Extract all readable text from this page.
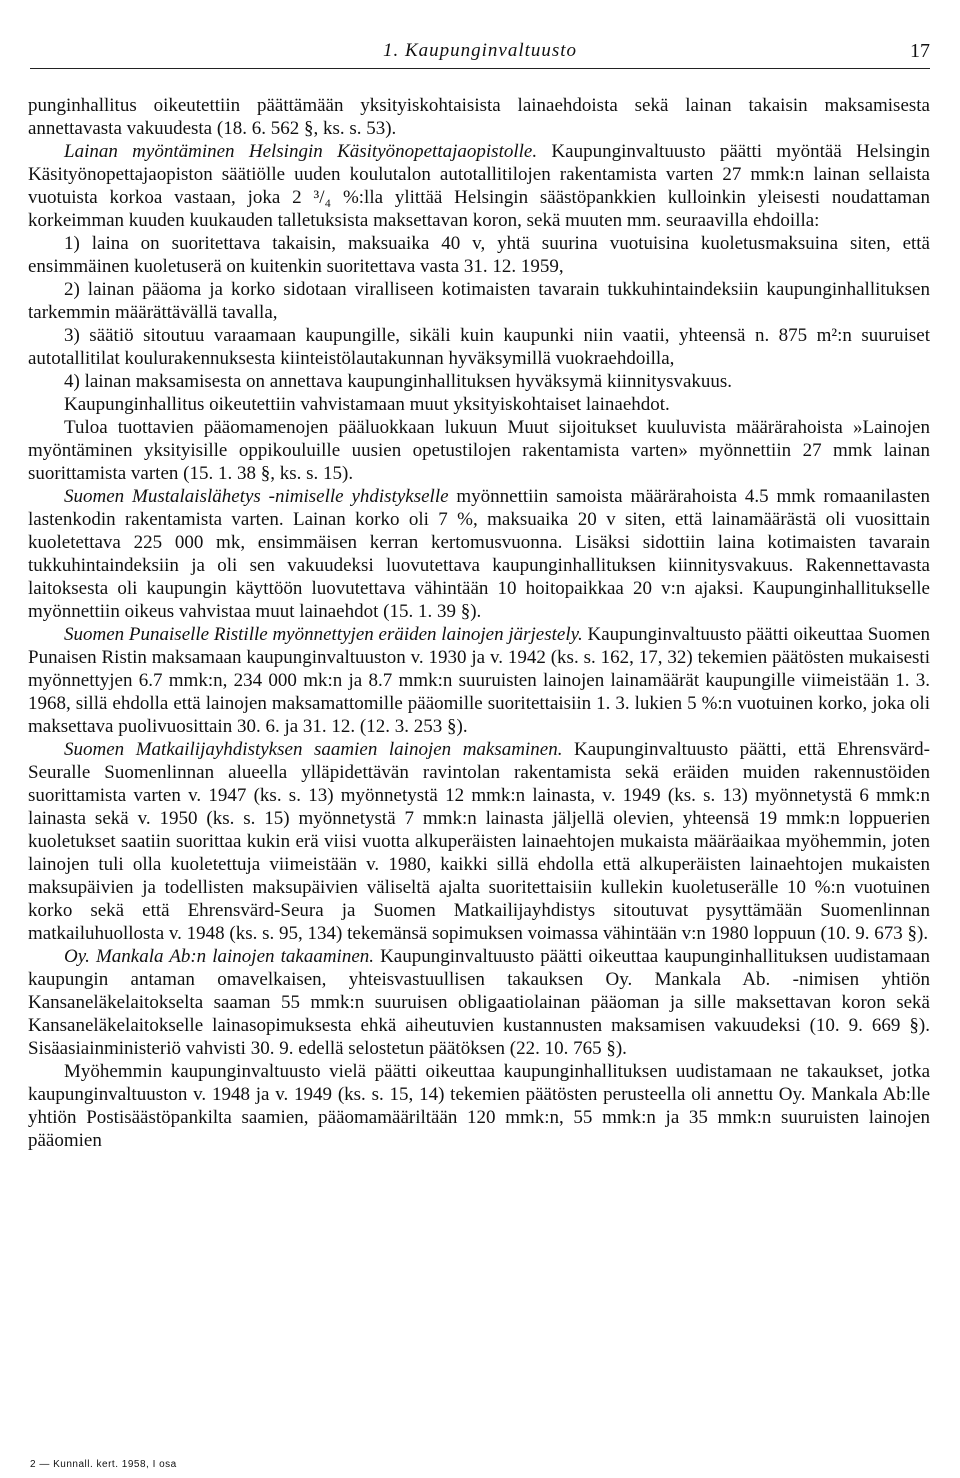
1. Kaupunginvaltuusto	17

punginhallitus oikeutettiin päättämään yksityiskohtaisista lainaehdoista sekä lainan takaisin maksamisesta annettavasta vakuudesta (18. 6. 562 §, ks. s. 53).

Lainan myöntäminen Helsingin Käsityönopettajaopistolle. Kaupunginvaltuusto päätti myöntää Helsingin Käsityönopettajaopiston säätiölle uuden koulutalon autotallitilojen rakentamista varten 27 mmk:n lainan sellaista vuotuista korkoa vastaan, joka 2 ³/₄ %:lla ylittää Helsingin säästöpankkien kulloinkin yleisesti noudattaman korkeimman kuuden kuukauden talletuksista maksettavan koron, sekä muuten mm. seuraavilla ehdoilla:

1) laina on suoritettava takaisin, maksuaika 40 v, yhtä suurina vuotuisina kuoletusmaksuina siten, että ensimmäinen kuoletuserä on kuitenkin suoritettava vasta 31. 12. 1959,

2) lainan pääoma ja korko sidotaan viralliseen kotimaisten tavarain tukkuhintaindeksiin kaupunginhallituksen tarkemmin määrättävällä tavalla,

3) säätiö sitoutuu varaamaan kaupungille, sikäli kuin kaupunki niin vaatii, yhteensä n. 875 m²:n suuruiset autotallitilat koulurakennuksesta kiinteistölautakunnan hyväksymillä vuokraehdoilla,

4) lainan maksamisesta on annettava kaupunginhallituksen hyväksymä kiinnitysvakuus.

Kaupunginhallitus oikeutettiin vahvistamaan muut yksityiskohtaiset lainaehdot.

Tuloa tuottavien pääomamenojen pääluokkaan lukuun Muut sijoitukset kuuluvista määrärahoista »Lainojen myöntäminen yksityisille oppikouluille uusien opetustilojen rakentamista varten» myönnettiin 27 mmk lainan suorittamista varten (15. 1. 38 §, ks. s. 15).

Suomen Mustalaislähetys -nimiselle yhdistykselle myönnettiin samoista määrärahoista 4.5 mmk romaanilasten lastenkodin rakentamista varten. Lainan korko oli 7 %, maksuaika 20 v siten, että lainamäärästä oli vuosittain kuoletettava 225 000 mk, ensimmäisen kerran kertomusvuonna. Lisäksi sidottiin laina kotimaisten tavarain tukkuhintaindeksiin ja oli sen vakuudeksi luovutettava kaupunginhallituksen kiinnitysvakuus. Rakennettavasta laitoksesta oli kaupungin käyttöön luovutettava vähintään 10 hoitopaikkaa 20 v:n ajaksi. Kaupunginhallitukselle myönnettiin oikeus vahvistaa muut lainaehdot (15. 1. 39 §).

Suomen Punaiselle Ristille myönnettyjen eräiden lainojen järjestely. Kaupunginvaltuusto päätti oikeuttaa Suomen Punaisen Ristin maksamaan kaupunginvaltuuston v. 1930 ja v. 1942 (ks. s. 162, 17, 32) tekemien päätösten mukaisesti myönnettyjen 6.7 mmk:n, 234 000 mk:n ja 8.7 mmk:n suuruisten lainojen lainamäärät kaupungille viimeistään 1. 3. 1968, sillä ehdolla että lainojen maksamattomille pääomille suoritettaisiin 1. 3. lukien 5 %:n vuotuinen korko, joka oli maksettava puolivuosittain 30. 6. ja 31. 12. (12. 3. 253 §).

Suomen Matkailijayhdistyksen saamien lainojen maksaminen. Kaupunginvaltuusto päätti, että Ehrensvärd-Seuralle Suomenlinnan alueella ylläpidettävän ravintolan rakentamista sekä eräiden muiden rakennustöiden suorittamista varten v. 1947 (ks. s. 13) myönnetystä 12 mmk:n lainasta, v. 1949 (ks. s. 13) myönnetystä 6 mmk:n lainasta sekä v. 1950 (ks. s. 15) myönnetystä 7 mmk:n lainasta jäljellä olevien, yhteensä 19 mmk:n loppuerien kuoletukset saatiin suorittaa kukin erä viisi vuotta alkuperäisten lainaehtojen mukaista määräaikaa myöhemmin, joten lainojen tuli olla kuoletettuja viimeistään v. 1980, kaikki sillä ehdolla että alkuperäisten lainaehtojen mukaisten maksupäivien ja todellisten maksupäivien väliseltä ajalta suoritettaisiin kullekin kuoletuserälle 10 %:n vuotuinen korko sekä että Ehrensvärd-Seura ja Suomen Matkailijayhdistys sitoutuvat pysyttämään Suomenlinnan matkailuhuollosta v. 1948 (ks. s. 95, 134) tekemänsä sopimuksen voimassa vähintään v:n 1980 loppuun (10. 9. 673 §).

Oy. Mankala Ab:n lainojen takaaminen. Kaupunginvaltuusto päätti oikeuttaa kaupunginhallituksen uudistamaan kaupungin antaman omavelkaisen, yhteisvastuullisen takauksen Oy. Mankala Ab. -nimisen yhtiön Kansaneläkelaitokselta saaman 55 mmk:n suuruisen obligaatiolainan pääoman ja sille maksettavan koron sekä Kansaneläkelaitokselle lainasopimuksesta ehkä aiheutuvien kustannusten maksamisen vakuudeksi (10. 9. 669 §). Sisäasiainministeriö vahvisti 30. 9. edellä selostetun päätöksen (22. 10. 765 §).

Myöhemmin kaupunginvaltuusto vielä päätti oikeuttaa kaupunginhallituksen uudistamaan ne takaukset, jotka kaupunginvaltuuston v. 1948 ja v. 1949 (ks. s. 15, 14) tekemien päätösten perusteella oli annettu Oy. Mankala Ab:lle yhtiön Postisäästöpankilta saamien, pääomamääriltään 120 mmk:n, 55 mmk:n ja 35 mmk:n suuruisten lainojen pääomien

2 — Kunnall. kert. 1958, I osa
